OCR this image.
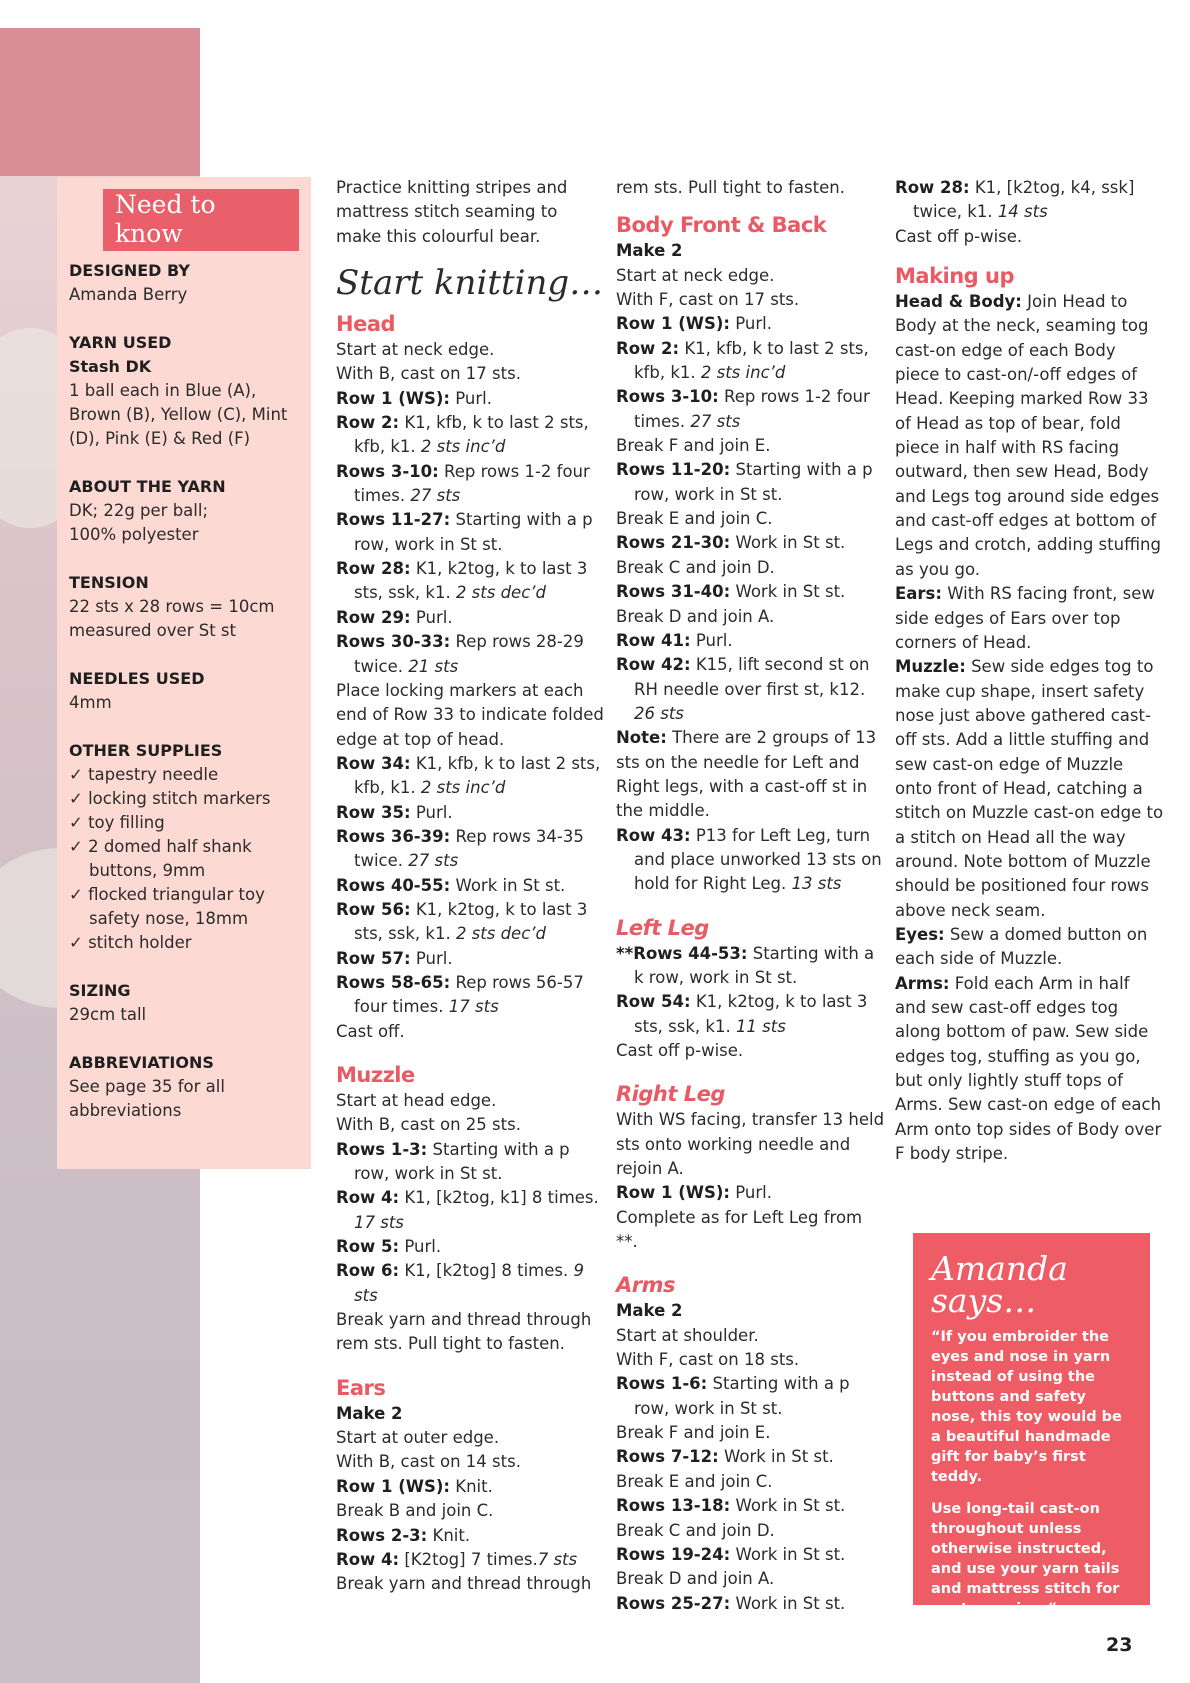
Need to know
DESIGNED BY
Amanda Berry
YARN USED
Stash DK
1 ball each in Blue (A), Brown (B), Yellow (C), Mint (D), Pink (E) & Red (F)
ABOUT THE YARN
DK; 22g per ball;
100% polyester
TENSION
22 sts x 28 rows = 10cm measured over St st
NEEDLES USED
4mm
OTHER SUPPLIES
✓ tapestry needle
✓ locking stitch markers
✓ toy filling
✓ 2 domed half shank buttons, 9mm
✓ flocked triangular toy safety nose, 18mm
✓ stitch holder
SIZING
29cm tall
ABBREVIATIONS
See page 35 for all abbreviations

Practice knitting stripes and mattress stitch seaming to make this colourful bear.

Start knitting…
Head

Start at neck edge.

With B, cast on 17 sts.

Row 1 (WS): Purl.

Row 2: K1, kfb, k to last 2 sts, kfb, k1. 2 sts inc’d

Rows 3-10: Rep rows 1-2 four times. 27 sts

Rows 11-27: Starting with a p row, work in St st.

Row 28: K1, k2tog, k to last 3 sts, ssk, k1. 2 sts dec’d

Row 29: Purl.

Rows 30-33: Rep rows 28-29 twice. 21 sts

Place locking markers at each end of Row 33 to indicate folded edge at top of head.

Row 34: K1, kfb, k to last 2 sts, kfb, k1. 2 sts inc’d

Row 35: Purl.

Rows 36-39: Rep rows 34-35 twice. 27 sts

Rows 40-55: Work in St st.

Row 56: K1, k2tog, k to last 3 sts, ssk, k1. 2 sts dec’d

Row 57: Purl.

Rows 58-65: Rep rows 56-57 four times. 17 sts

Cast off.

Muzzle

Start at head edge.

With B, cast on 25 sts.

Rows 1-3: Starting with a p row, work in St st.

Row 4: K1, [k2tog, k1] 8 times. 17 sts

Row 5: Purl.

Row 6: K1, [k2tog] 8 times. 9 sts

Break yarn and thread through rem sts. Pull tight to fasten.

Ears

Make 2

Start at outer edge.

With B, cast on 14 sts.

Row 1 (WS): Knit.

Break B and join C.

Rows 2-3: Knit.

Row 4: [K2tog] 7 times.7 sts

Break yarn and thread through

rem sts. Pull tight to fasten.

Body Front & Back

Make 2

Start at neck edge.

With F, cast on 17 sts.

Row 1 (WS): Purl.

Row 2: K1, kfb, k to last 2 sts, kfb, k1. 2 sts inc’d

Rows 3-10: Rep rows 1-2 four times. 27 sts

Break F and join E.

Rows 11-20: Starting with a p row, work in St st.

Break E and join C.

Rows 21-30: Work in St st.

Break C and join D.

Rows 31-40: Work in St st.

Break D and join A.

Row 41: Purl.

Row 42: K15, lift second st on RH needle over first st, k12. 26 sts

Note: There are 2 groups of 13 sts on the needle for Left and Right legs, with a cast-off st in the middle.

Row 43: P13 for Left Leg, turn and place unworked 13 sts on hold for Right Leg. 13 sts

Left Leg

**Rows 44-53: Starting with a k row, work in St st.

Row 54: K1, k2tog, k to last 3 sts, ssk, k1. 11 sts

Cast off p-wise.

Right Leg

With WS facing, transfer 13 held sts onto working needle and rejoin A.

Row 1 (WS): Purl.

Complete as for Left Leg from **.

Arms

Make 2

Start at shoulder.

With F, cast on 18 sts.

Rows 1-6: Starting with a p row, work in St st.

Break F and join E.

Rows 7-12: Work in St st.

Break E and join C.

Rows 13-18: Work in St st.

Break C and join D.

Rows 19-24: Work in St st.

Break D and join A.

Rows 25-27: Work in St st.

Row 28: K1, [k2tog, k4, ssk] twice, k1. 14 sts

Cast off p-wise.

Making up

Head & Body: Join Head to Body at the neck, seaming tog cast-on edge of each Body piece to cast-on/-off edges of Head. Keeping marked Row 33 of Head as top of bear, fold piece in half with RS facing outward, then sew Head, Body and Legs tog around side edges and cast-off edges at bottom of Legs and crotch, adding stuffing as you go.

Ears: With RS facing front, sew side edges of Ears over top corners of Head.

Muzzle: Sew side edges tog to make cup shape, insert safety nose just above gathered cast-off sts. Add a little stuffing and sew cast-on edge of Muzzle onto front of Head, catching a stitch on Muzzle cast-on edge to a stitch on Head all the way around. Note bottom of Muzzle should be positioned four rows above neck seam.

Eyes: Sew a domed button on each side of Muzzle.

Arms: Fold each Arm in half and sew cast-off edges tog along bottom of paw. Sew side edges tog, stuffing as you go, but only lightly stuff tops of Arms. Sew cast-on edge of each Arm onto top sides of Body over F body stripe.

Amanda
says…

“If you embroider the eyes and nose in yarn instead of using the buttons and safety nose, this toy would be a beautiful handmade gift for baby’s first teddy.

Use long-tail cast-on throughout unless otherwise instructed, and use your yarn tails and mattress stitch for neat seaming.“

23
